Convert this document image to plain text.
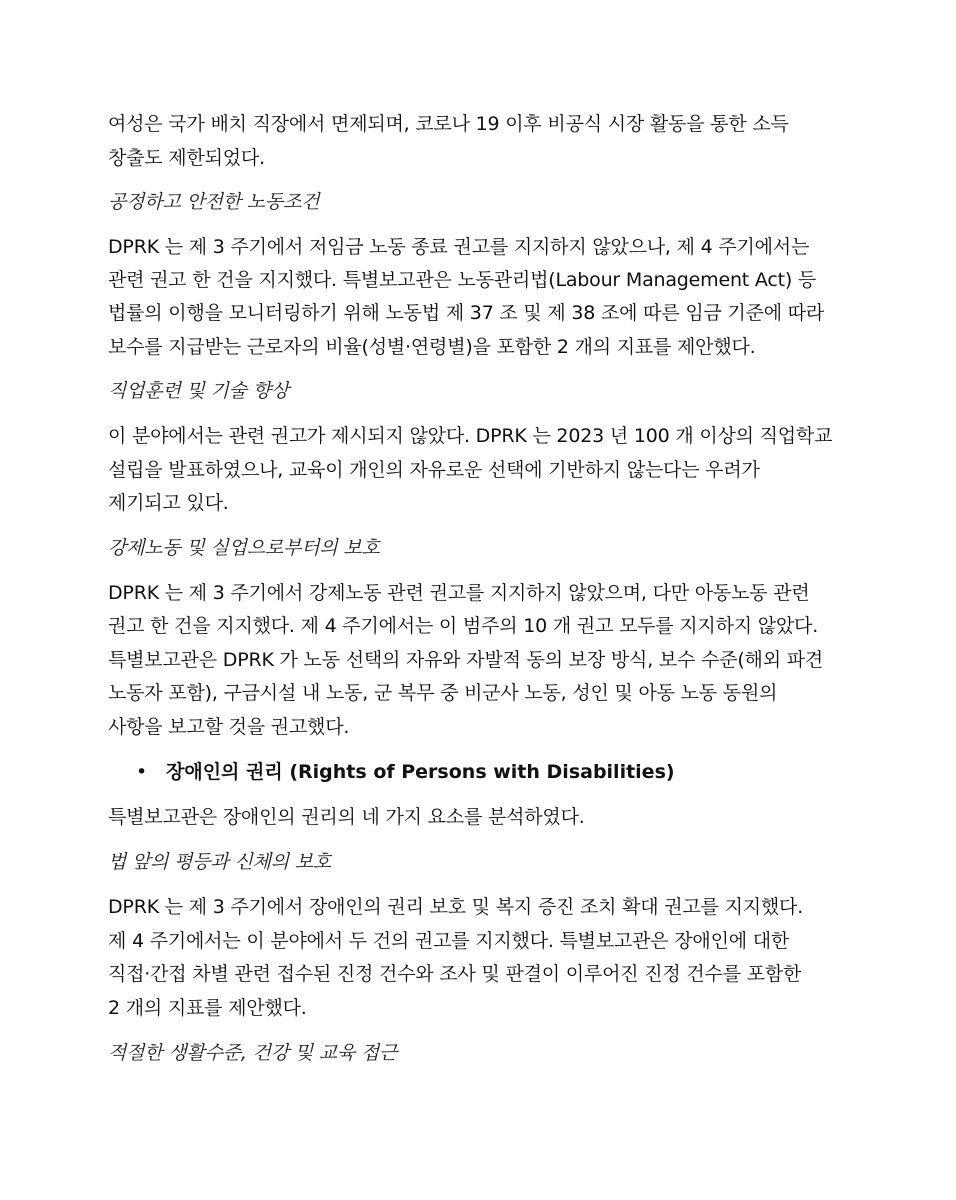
여성은 국가 배치 직장에서 면제되며, 코로나 19 이후 비공식 시장 활동을 통한 소득
창출도 제한되었다.
공정하고 안전한 노동조건
DPRK 는 제 3 주기에서 저임금 노동 종료 권고를 지지하지 않았으나, 제 4 주기에서는
관련 권고 한 건을 지지했다. 특별보고관은 노동관리법(Labour Management Act) 등
법률의 이행을 모니터링하기 위해 노동법 제 37 조 및 제 38 조에 따른 임금 기준에 따라
보수를 지급받는 근로자의 비율(성별·연령별)을 포함한 2 개의 지표를 제안했다.
직업훈련 및 기술 향상
이 분야에서는 관련 권고가 제시되지 않았다. DPRK 는 2023 년 100 개 이상의 직업학교
설립을 발표하였으나, 교육이 개인의 자유로운 선택에 기반하지 않는다는 우려가
제기되고 있다.
강제노동 및 실업으로부터의 보호
DPRK 는 제 3 주기에서 강제노동 관련 권고를 지지하지 않았으며, 다만 아동노동 관련
권고 한 건을 지지했다. 제 4 주기에서는 이 범주의 10 개 권고 모두를 지지하지 않았다.
특별보고관은 DPRK 가 노동 선택의 자유와 자발적 동의 보장 방식, 보수 수준(해외 파견
노동자 포함), 구금시설 내 노동, 군 복무 중 비군사 노동, 성인 및 아동 노동 동원의
사항을 보고할 것을 권고했다.
• 장애인의 권리 (Rights of Persons with Disabilities)
특별보고관은 장애인의 권리의 네 가지 요소를 분석하였다.
법 앞의 평등과 신체의 보호
DPRK 는 제 3 주기에서 장애인의 권리 보호 및 복지 증진 조치 확대 권고를 지지했다.
제 4 주기에서는 이 분야에서 두 건의 권고를 지지했다. 특별보고관은 장애인에 대한
직접·간접 차별 관련 접수된 진정 건수와 조사 및 판결이 이루어진 진정 건수를 포함한
2 개의 지표를 제안했다.
적절한 생활수준, 건강 및 교육 접근
